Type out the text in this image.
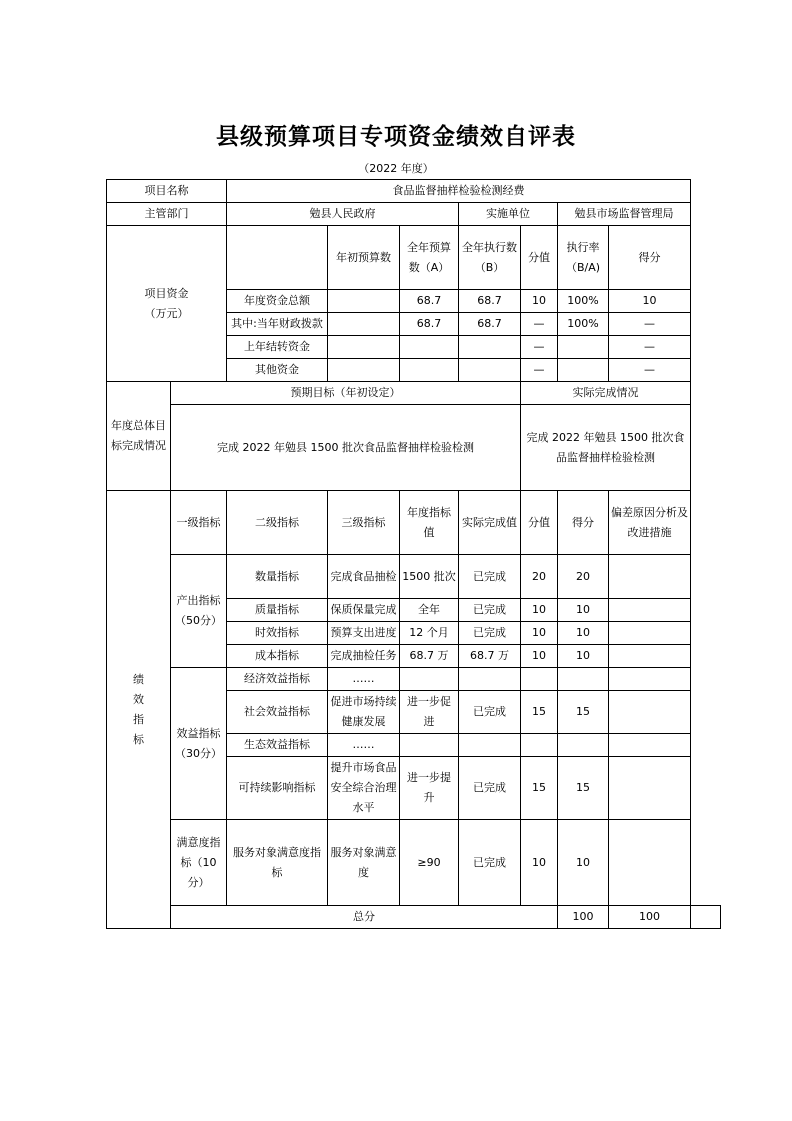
县级预算项目专项资金绩效自评表
（2022 年度）
项目名称		食品监督抽样检验检测经费							
主管部门		勉县人民政府			实施单位		勉县市场监督管理局		

项目资金
（万元）			年初预算数	全年预算数（A）	全年执行数（B）	分值	执行率（B/A)	得分	
		年度资金总额		68.7	68.7	10	100%	10	
		其中:当年财政拨款		68.7	68.7	—	100%	—	
		上年结转资金				—		—	
		其他资金				—		—	
年度总体目标完成情况	预期目标（年初设定）					实际完成情况			
	完成 2022 年勉县 1500 批次食品监督抽样检验检测					完成 2022 年勉县 1500 批次食品监督抽样检验检测			
绩效指标	一级指标	二级指标	三级指标	年度指标值	实际完成值	分值	得分	偏差原因分析及改进措施	
	产出指标（50分）	数量指标	完成食品抽检	1500 批次	已完成	20	20		
		质量指标	保质保量完成	全年	已完成	10	10		
		时效指标	预算支出进度	12 个月	已完成	10	10		
		成本指标	完成抽检任务	68.7 万	68.7 万	10	10		
	效益指标（30分）	经济效益指标	……						
		社会效益指标	促进市场持续健康发展	进一步促进	已完成	15	15		
		生态效益指标	……						
		可持续影响指标	提升市场食品安全综合治理水平	进一步提升	已完成	15	15		
	满意度指标（10分）	服务对象满意度指标	服务对象满意度	≥90	已完成	10	10		
	总分						100	100	
